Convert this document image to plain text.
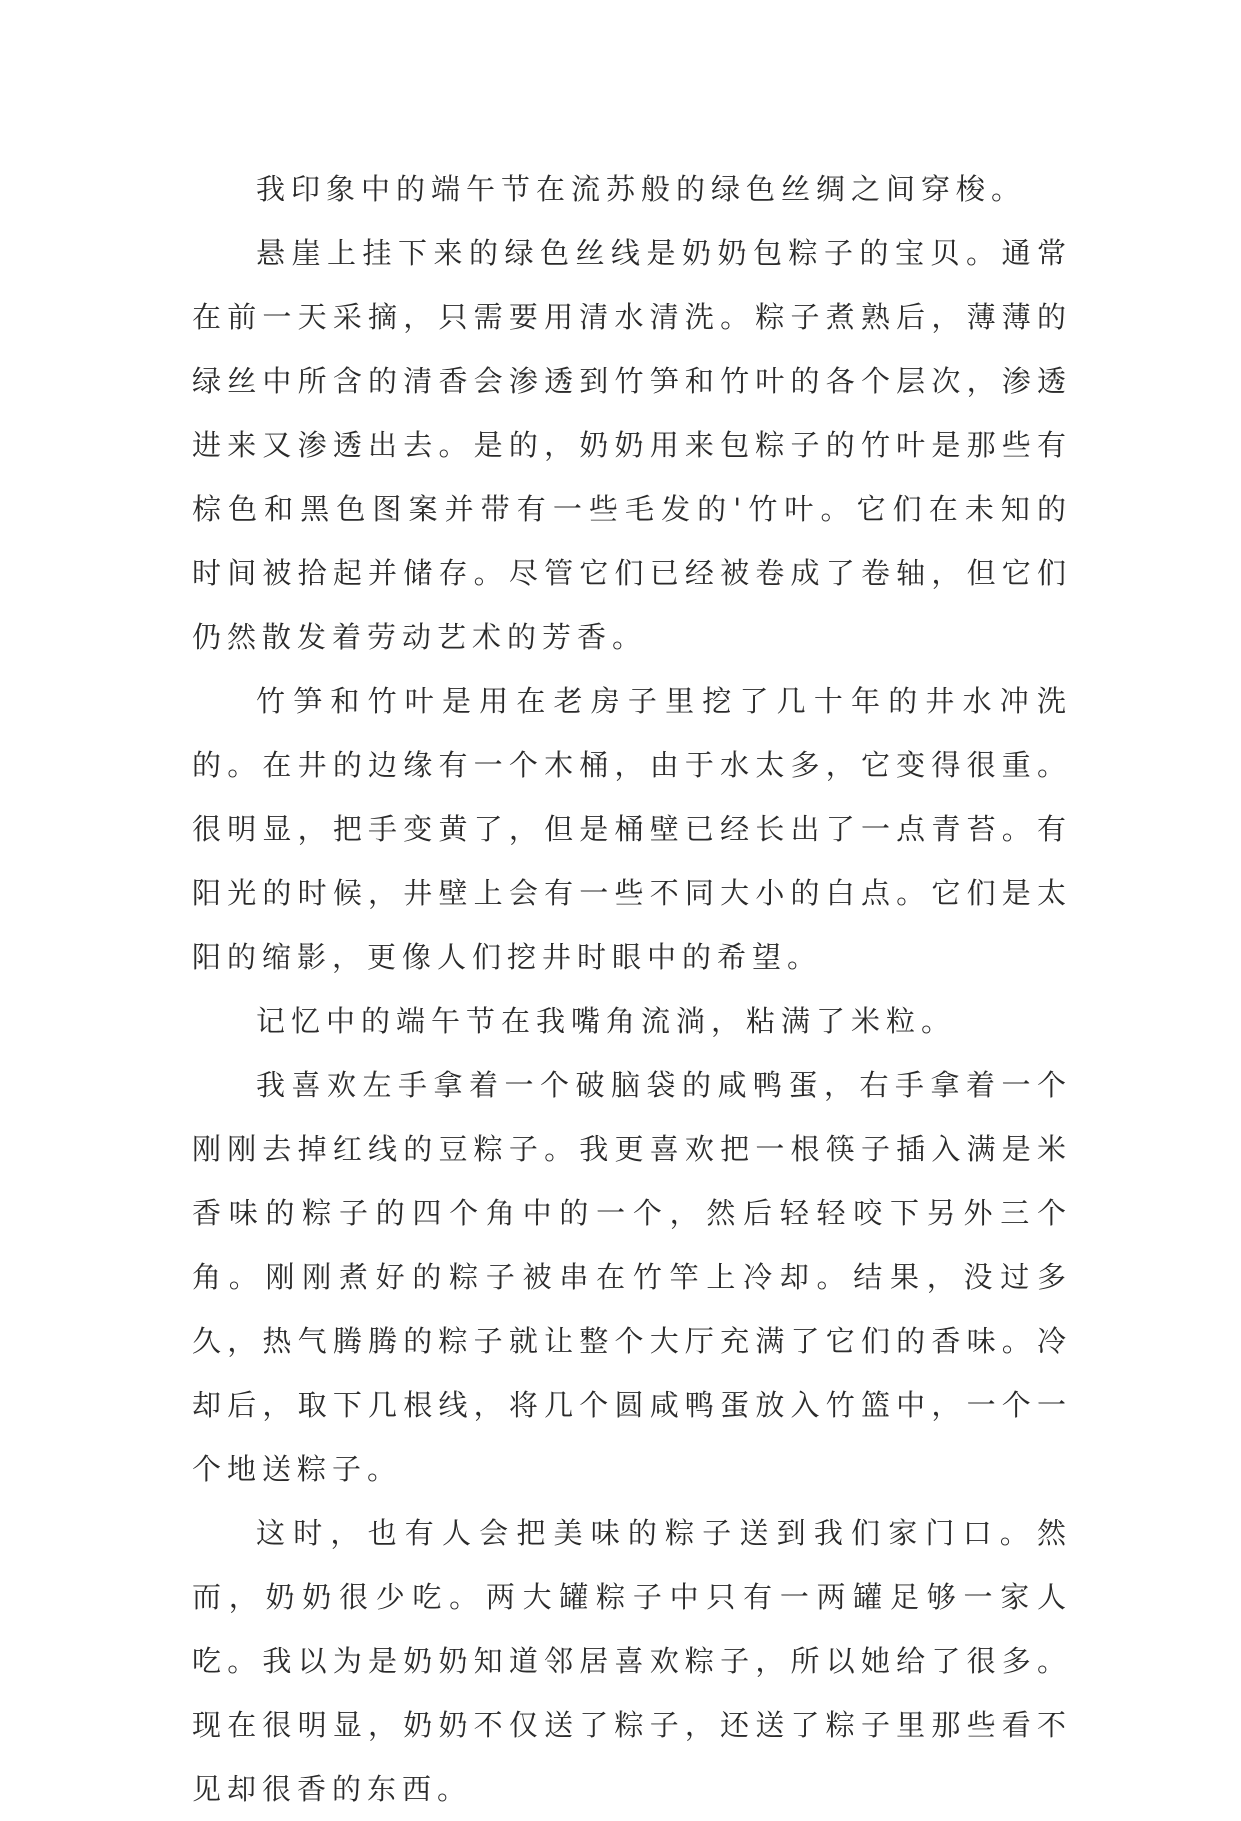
我印象中的端午节在流苏般的绿色丝绸之间穿梭。

悬崖上挂下来的绿色丝线是奶奶包粽子的宝贝。通常在前一天采摘，只需要用清水清洗。粽子煮熟后，薄薄的绿丝中所含的清香会渗透到竹笋和竹叶的各个层次，渗透进来又渗透出去。是的，奶奶用来包粽子的竹叶是那些有棕色和黑色图案并带有一些毛发的'竹叶。它们在未知的时间被拾起并储存。尽管它们已经被卷成了卷轴，但它们仍然散发着劳动艺术的芳香。

竹笋和竹叶是用在老房子里挖了几十年的井水冲洗的。在井的边缘有一个木桶，由于水太多，它变得很重。很明显，把手变黄了，但是桶壁已经长出了一点青苔。有阳光的时候，井壁上会有一些不同大小的白点。它们是太阳的缩影，更像人们挖井时眼中的希望。

记忆中的端午节在我嘴角流淌，粘满了米粒。

我喜欢左手拿着一个破脑袋的咸鸭蛋，右手拿着一个刚刚去掉红线的豆粽子。我更喜欢把一根筷子插入满是米香味的粽子的四个角中的一个，然后轻轻咬下另外三个角。刚刚煮好的粽子被串在竹竿上冷却。结果，没过多久，热气腾腾的粽子就让整个大厅充满了它们的香味。冷却后，取下几根线，将几个圆咸鸭蛋放入竹篮中，一个一个地送粽子。

这时，也有人会把美味的粽子送到我们家门口。然而，奶奶很少吃。两大罐粽子中只有一两罐足够一家人吃。我以为是奶奶知道邻居喜欢粽子，所以她给了很多。现在很明显，奶奶不仅送了粽子，还送了粽子里那些看不见却很香的东西。
